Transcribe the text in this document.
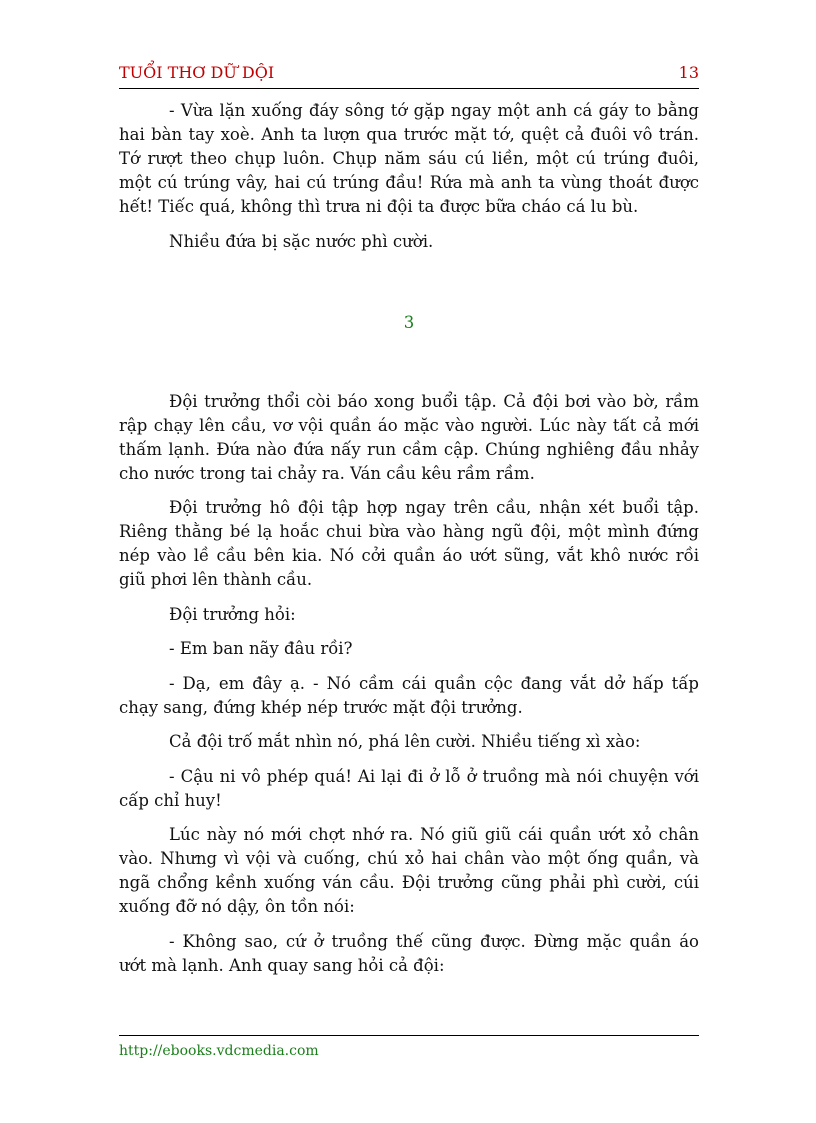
TUỔI THƠ DỮ DỘI	13

- Vừa lặn xuống đáy sông tớ gặp ngay một anh cá gáy to bằng hai bàn tay xoè. Anh ta lượn qua trước mặt tớ, quệt cả đuôi vô trán. Tớ rượt theo chụp luôn. Chụp năm sáu cú liền, một cú trúng đuôi, một cú trúng vây, hai cú trúng đầu! Rứa mà anh ta vùng thoát được hết! Tiếc quá, không thì trưa ni đội ta được bữa cháo cá lu bù.

Nhiều đứa bị sặc nước phì cười.

3

Đội trưởng thổi còi báo xong buổi tập. Cả đội bơi vào bờ, rầm rập chạy lên cầu, vơ vội quần áo mặc vào người. Lúc này tất cả mới thấm lạnh. Đứa nào đứa nấy run cầm cập. Chúng nghiêng đầu nhảy cho nước trong tai chảy ra. Ván cầu kêu rầm rầm.

Đội trưởng hô đội tập hợp ngay trên cầu, nhận xét buổi tập. Riêng thằng bé lạ hoắc chui bừa vào hàng ngũ đội, một mình đứng nép vào lề cầu bên kia. Nó cởi quần áo ướt sũng, vắt khô nước rồi giũ phơi lên thành cầu.

Đội trưởng hỏi:

- Em ban nãy đâu rồi?

- Dạ, em đây ạ. - Nó cầm cái quần cộc đang vắt dở hấp tấp chạy sang, đứng khép nép trước mặt đội trưởng.

Cả đội trố mắt nhìn nó, phá lên cười. Nhiều tiếng xì xào:

- Cậu ni vô phép quá! Ai lại đi ở lỗ ở truồng mà nói chuyện với cấp chỉ huy!

Lúc này nó mới chợt nhớ ra. Nó giũ giũ cái quần ướt xỏ chân vào. Nhưng vì vội và cuống, chú xỏ hai chân vào một ống quần, và ngã chổng kềnh xuống ván cầu. Đội trưởng cũng phải phì cười, cúi xuống đỡ nó dậy, ôn tồn nói:

- Không sao, cứ ở truồng thế cũng được. Đừng mặc quần áo ướt mà lạnh. Anh quay sang hỏi cả đội:

http://ebooks.vdcmedia.com
